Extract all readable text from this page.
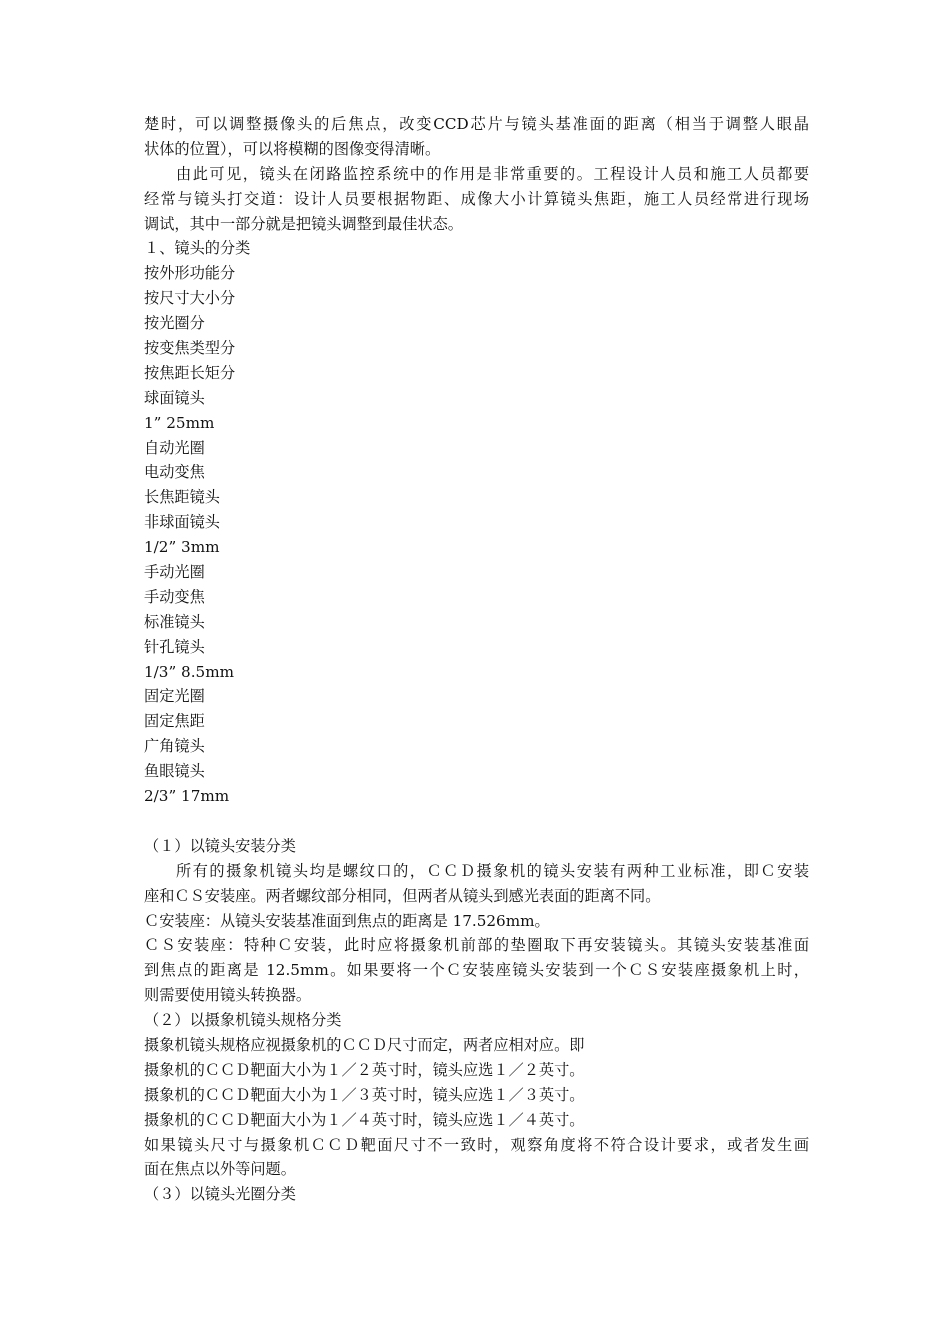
楚时，可以调整摄像头的后焦点，改变CCD芯片与镜头基准面的距离（相当于调整人眼晶
状体的位置），可以将模糊的图像变得清晰。
由此可见，镜头在闭路监控系统中的作用是非常重要的。工程设计人员和施工人员都要
经常与镜头打交道：设计人员要根据物距、成像大小计算镜头焦距，施工人员经常进行现场
调试，其中一部分就是把镜头调整到最佳状态。
１、镜头的分类
按外形功能分
按尺寸大小分
按光圈分
按变焦类型分
按焦距长矩分
球面镜头
1” 25mm
自动光圈
电动变焦
长焦距镜头
非球面镜头
1/2” 3mm
手动光圈
手动变焦
标准镜头
针孔镜头
1/3” 8.5mm
固定光圈
固定焦距
广角镜头
鱼眼镜头
2/3” 17mm
（１）以镜头安装分类
所有的摄象机镜头均是螺纹口的，ＣＣＤ摄象机的镜头安装有两种工业标准，即Ｃ安装
座和ＣＳ安装座。两者螺纹部分相同，但两者从镜头到感光表面的距离不同。
Ｃ安装座：从镜头安装基准面到焦点的距离是 17.526mm。
ＣＳ安装座：特种Ｃ安装，此时应将摄象机前部的垫圈取下再安装镜头。其镜头安装基准面
到焦点的距离是 12.5mm。如果要将一个Ｃ安装座镜头安装到一个ＣＳ安装座摄象机上时，
则需要使用镜头转换器。
（２）以摄象机镜头规格分类
摄象机镜头规格应视摄象机的ＣＣＤ尺寸而定，两者应相对应。即
摄象机的ＣＣＤ靶面大小为１／２英寸时，镜头应选１／２英寸。
摄象机的ＣＣＤ靶面大小为１／３英寸时，镜头应选１／３英寸。
摄象机的ＣＣＤ靶面大小为１／４英寸时，镜头应选１／４英寸。
如果镜头尺寸与摄象机ＣＣＤ靶面尺寸不一致时，观察角度将不符合设计要求，或者发生画
面在焦点以外等问题。
（３）以镜头光圈分类
